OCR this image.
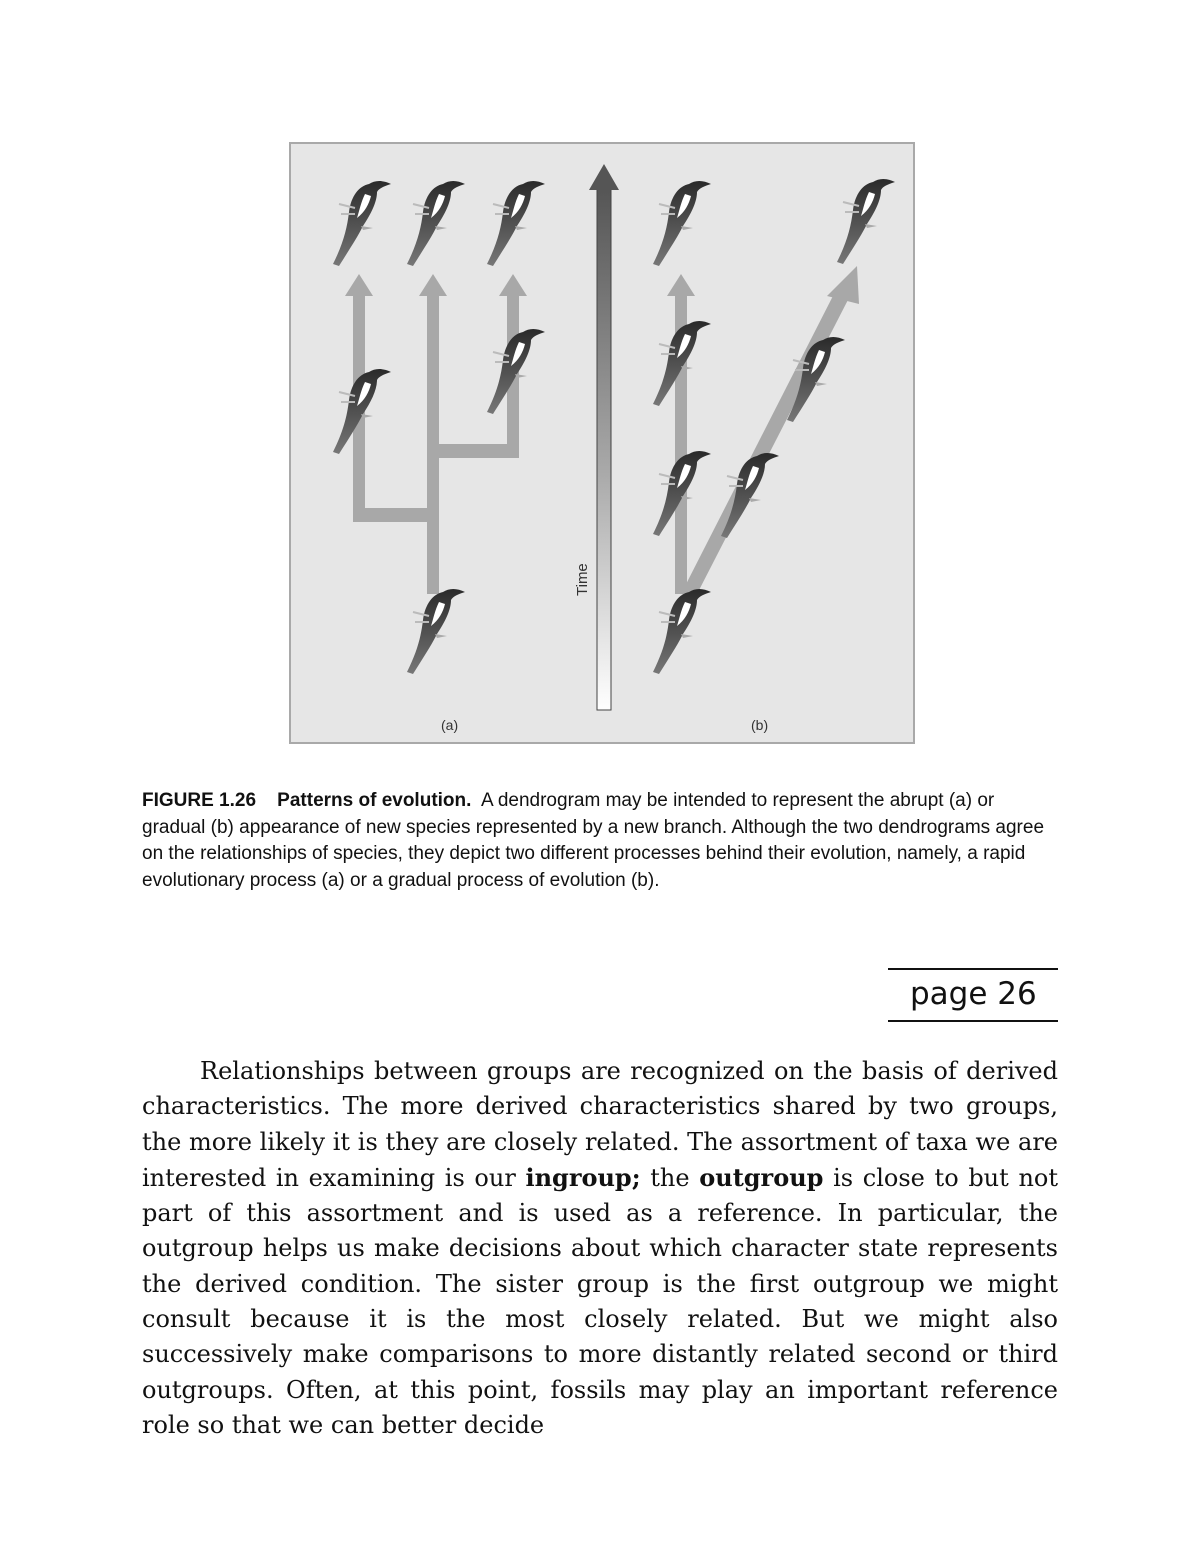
Time
(a)	(b)
FIGURE 1.26 Patterns of evolution. A dendrogram may be intended to represent the abrupt (a) or gradual (b) appearance of new species represented by a new branch. Although the two dendrograms agree on the relationships of species, they depict two different processes behind their evolution, namely, a rapid evolutionary process (a) or a gradual process of evolution (b).
page 26

Relationships between groups are recognized on the basis of derived characteristics. The more derived characteristics shared by two groups, the more likely it is they are closely related. The assortment of taxa we are interested in examining is our ingroup; the outgroup is close to but not part of this assortment and is used as a reference. In particular, the outgroup helps us make decisions about which character state represents the derived condition. The sister group is the first outgroup we might consult because it is the most closely related. But we might also successively make comparisons to more distantly related second or third outgroups. Often, at this point, fossils may play an important reference role so that we can better decide
